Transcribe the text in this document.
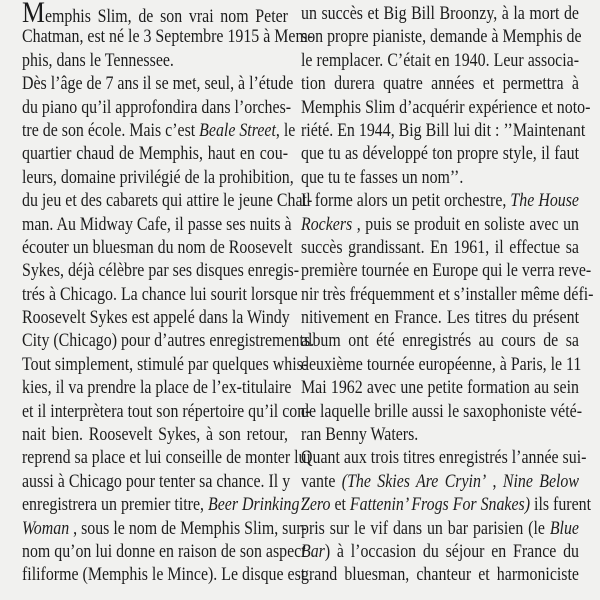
Memphis Slim, de son vrai nom Peter
Chatman, est né le 3 Septembre 1915 à Mem-
phis, dans le Tennessee.
Dès l’âge de 7 ans il se met, seul, à l’étude
du piano qu’il approfondira dans l’orches-
tre de son école. Mais c’est Beale Street, le
quartier chaud de Memphis, haut en cou-
leurs, domaine privilégié de la prohibition,
du jeu et des cabarets qui attire le jeune Chat-
man. Au Midway Cafe, il passe ses nuits à
écouter un bluesman du nom de Roosevelt
Sykes, déjà célèbre par ses disques enregis-
trés à Chicago. La chance lui sourit lorsque
Roosevelt Sykes est appelé dans la Windy
City (Chicago) pour d’autres enregistrements.
Tout simplement, stimulé par quelques whis-
kies, il va prendre la place de l’ex-titulaire
et il interprètera tout son répertoire qu’il con-
nait bien. Roosevelt Sykes, à son retour,
reprend sa place et lui conseille de monter lui
aussi à Chicago pour tenter sa chance. Il y
enregistrera un premier titre, Beer Drinking’
Woman , sous le nom de Memphis Slim, sur-
nom qu’on lui donne en raison de son aspect
filiforme (Memphis le Mince). Le disque est
un succès et Big Bill Broonzy, à la mort de
son propre pianiste, demande à Memphis de
le remplacer. C’était en 1940. Leur associa-
tion durera quatre années et permettra à
Memphis Slim d’acquérir expérience et noto-
riété. En 1944, Big Bill lui dit : ’’Maintenant
que tu as développé ton propre style, il faut
que tu te fasses un nom’’.
Il forme alors un petit orchestre, The House
Rockers , puis se produit en soliste avec un
succès grandissant. En 1961, il effectue sa
première tournée en Europe qui le verra reve-
nir très fréquemment et s’installer même défi-
nitivement en France. Les titres du présent
album ont été enregistrés au cours de sa
deuxième tournée européenne, à Paris, le 11
Mai 1962 avec une petite formation au sein
de laquelle brille aussi le saxophoniste vété-
ran Benny Waters.
Quant aux trois titres enregistrés l’année sui-
vante (The Skies Are Cryin’ , Nine Below
Zero et Fattenin’ Frogs For Snakes) ils furent
pris sur le vif dans un bar parisien (le Blue
Bar) à l’occasion du séjour en France du
grand bluesman, chanteur et harmoniciste
